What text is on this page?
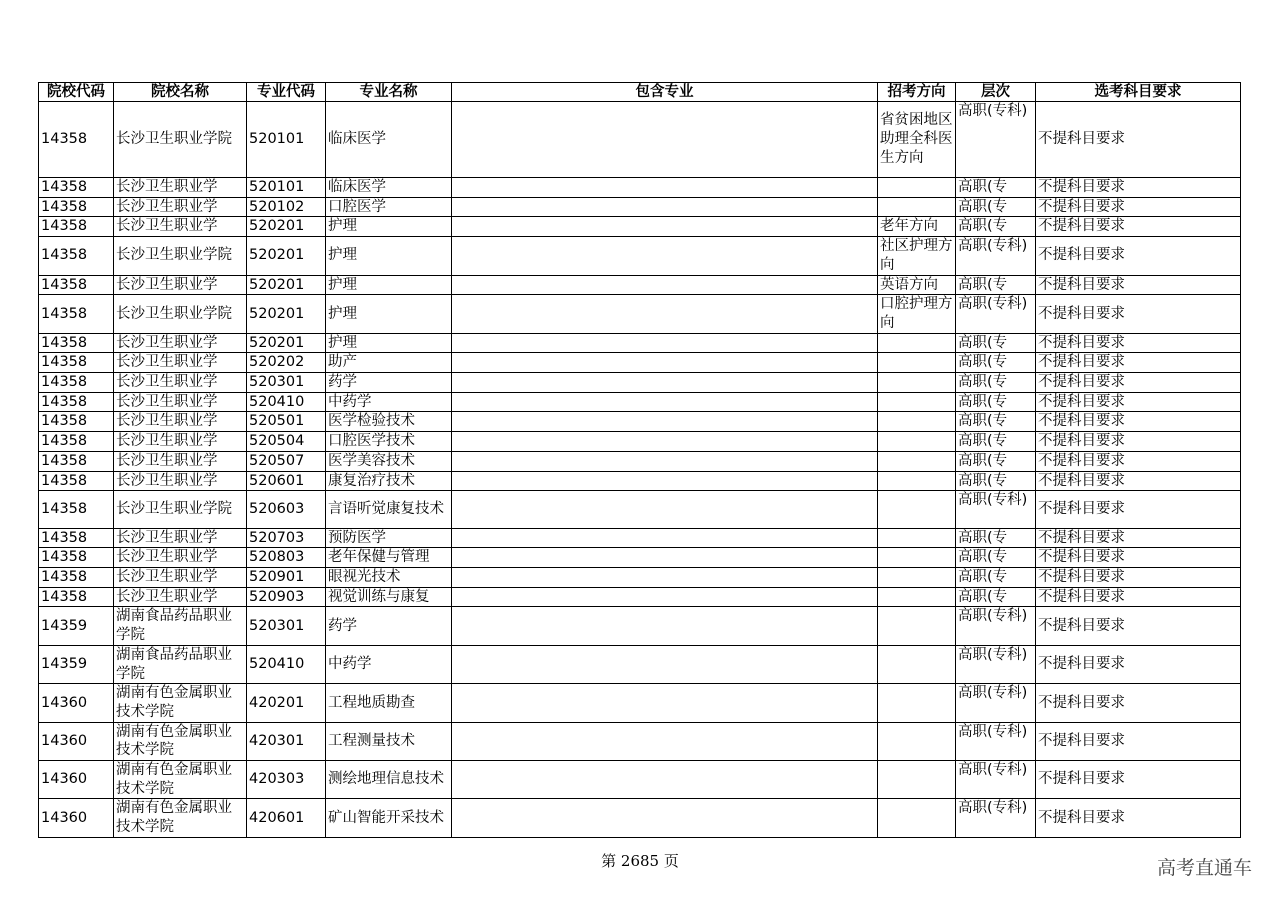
院校代码	院校名称	专业代码	专业名称	包含专业	招考方向	层次	选考科目要求
14358	长沙卫生职业学院	520101	临床医学		省贫困地区助理全科医生方向	高职(专科)	不提科目要求
14358	长沙卫生职业学	520101	临床医学			高职(专	不提科目要求
14358	长沙卫生职业学	520102	口腔医学			高职(专	不提科目要求
14358	长沙卫生职业学	520201	护理		老年方向	高职(专	不提科目要求
14358	长沙卫生职业学院	520201	护理		社区护理方向	高职(专科)	不提科目要求
14358	长沙卫生职业学	520201	护理		英语方向	高职(专	不提科目要求
14358	长沙卫生职业学院	520201	护理		口腔护理方向	高职(专科)	不提科目要求
14358	长沙卫生职业学	520201	护理			高职(专	不提科目要求
14358	长沙卫生职业学	520202	助产			高职(专	不提科目要求
14358	长沙卫生职业学	520301	药学			高职(专	不提科目要求
14358	长沙卫生职业学	520410	中药学			高职(专	不提科目要求
14358	长沙卫生职业学	520501	医学检验技术			高职(专	不提科目要求
14358	长沙卫生职业学	520504	口腔医学技术			高职(专	不提科目要求
14358	长沙卫生职业学	520507	医学美容技术			高职(专	不提科目要求
14358	长沙卫生职业学	520601	康复治疗技术			高职(专	不提科目要求
14358	长沙卫生职业学院	520603	言语听觉康复技术			高职(专科)	不提科目要求
14358	长沙卫生职业学	520703	预防医学			高职(专	不提科目要求
14358	长沙卫生职业学	520803	老年保健与管理			高职(专	不提科目要求
14358	长沙卫生职业学	520901	眼视光技术			高职(专	不提科目要求
14358	长沙卫生职业学	520903	视觉训练与康复			高职(专	不提科目要求
14359	湖南食品药品职业学院	520301	药学			高职(专科)	不提科目要求
14359	湖南食品药品职业学院	520410	中药学			高职(专科)	不提科目要求
14360	湖南有色金属职业技术学院	420201	工程地质勘查			高职(专科)	不提科目要求
14360	湖南有色金属职业技术学院	420301	工程测量技术			高职(专科)	不提科目要求
14360	湖南有色金属职业技术学院	420303	测绘地理信息技术			高职(专科)	不提科目要求
14360	湖南有色金属职业技术学院	420601	矿山智能开采技术			高职(专科)	不提科目要求
第 2685 页	高考直通车
